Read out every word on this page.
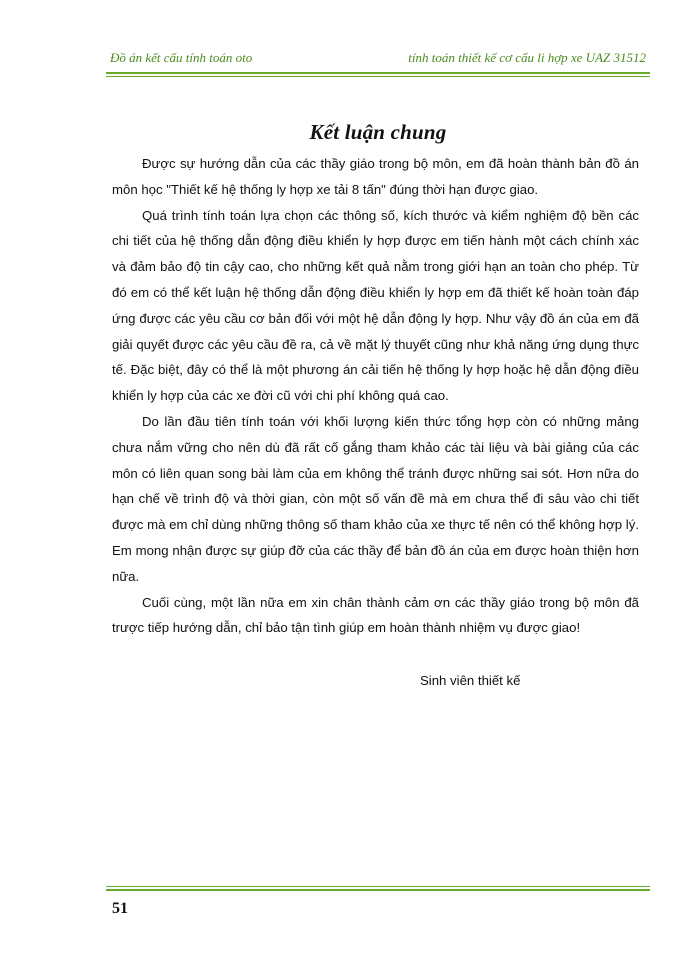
Đồ án kết cấu tính toán oto	tính toán thiết kế cơ cấu li hợp xe UAZ 31512
Kết luận chung

Được sự hướng dẫn của các thầy giáo trong bộ môn, em đã hoàn thành bản đồ án môn học "Thiết kế hệ thống ly hợp xe tải 8 tấn" đúng thời hạn được giao.

Quá trình tính toán lựa chọn các thông số, kích thước và kiểm nghiệm độ bền các chi tiết của hệ thống dẫn động điều khiển ly hợp được em tiến hành một cách chính xác và đảm bảo độ tin cậy cao, cho những kết quả nằm trong giới hạn an toàn cho phép. Từ đó em có thể kết luận hệ thống dẫn động điều khiển ly hợp em đã thiết kế hoàn toàn đáp ứng được các yêu cầu cơ bản đối với một hệ dẫn động ly hợp. Như vậy đồ án của em đã giải quyết được các yêu cầu đề ra, cả về mặt lý thuyết cũng như khả năng ứng dụng thực tế. Đặc biệt, đây có thể là một phương án cải tiến hệ thống ly hợp hoặc hệ dẫn động điều khiển ly hợp của các xe đời cũ với chi phí không quá cao.

Do lần đầu tiên tính toán với khối lượng kiến thức tổng hợp còn có những mảng chưa nắm vững cho nên dù đã rất cố gắng tham khảo các tài liệu và bài giảng của các môn có liên quan song bài làm của em không thể tránh được những sai sót. Hơn nữa do hạn chế về trình độ và thời gian, còn một số vấn đề mà em chưa thể đi sâu vào chi tiết được mà em chỉ dùng những thông số tham khảo của xe thực tế nên có thể không hợp lý. Em mong nhận được sự giúp đỡ của các thầy để bản đồ án của em được hoàn thiện hơn nữa.

Cuối cùng, một lần nữa em xin chân thành cảm ơn các thầy giáo trong bộ môn đã trược tiếp hướng dẫn, chỉ bảo tận tình giúp em hoàn thành nhiệm vụ được giao!

Sinh viên thiết kế
51
